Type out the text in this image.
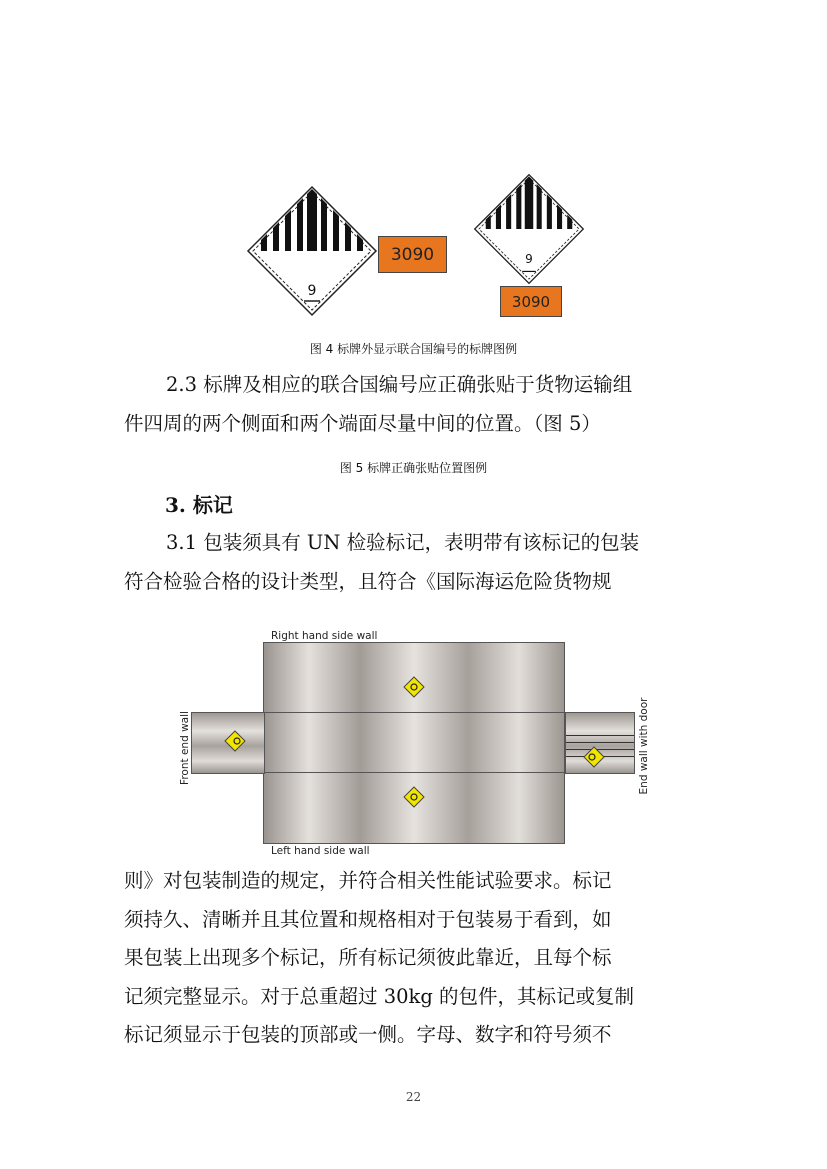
9
3090	9
3090
图 4 标牌外显示联合国编号的标牌图例
2.3 标牌及相应的联合国编号应正确张贴于货物运输组
件四周的两个侧面和两个端面尽量中间的位置。（图 5）
图 5 标牌正确张贴位置图例
3. 标记
3.1 包装须具有 UN 检验标记，表明带有该标记的包装
符合检验合格的设计类型，且符合《国际海运危险货物规
Right hand side wall
Front end wall	End wall with door
Left hand side wall
则》对包装制造的规定，并符合相关性能试验要求。标记
须持久、清晰并且其位置和规格相对于包装易于看到，如
果包装上出现多个标记，所有标记须彼此靠近，且每个标
记须完整显示。对于总重超过 30kg 的包件，其标记或复制
标记须显示于包装的顶部或一侧。字母、数字和符号须不
22
